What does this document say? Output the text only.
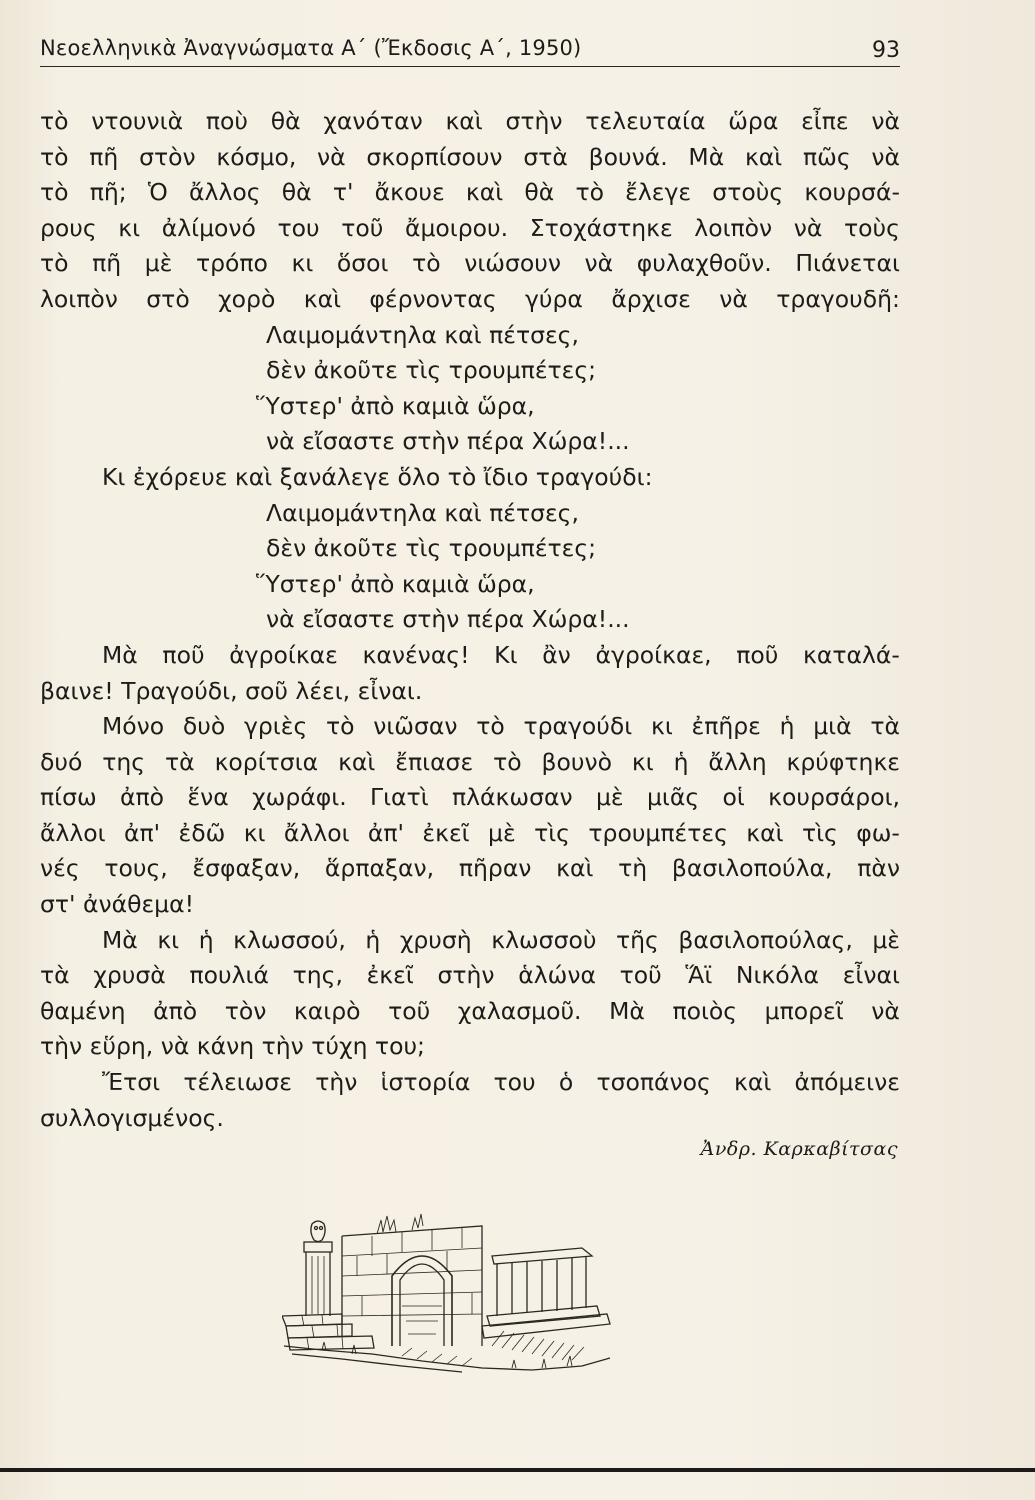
Νεοελληνικὰ Ἀναγνώσματα Α΄ (Ἔκδοσις Α΄, 1950)	93
τὸ ντουνιὰ ποὺ θὰ χανόταν καὶ στὴν τελευταία ὥρα εἶπε νὰ
τὸ πῆ στὸν κόσμο, νὰ σκορπίσουν στὰ βουνά. Μὰ καὶ πῶς νὰ
τὸ πῆ; Ὁ ἄλλος θὰ τ' ἄκουε καὶ θὰ τὸ ἔλεγε στοὺς κουρσά-
ρους κι ἀλίμονό του τοῦ ἄμοιρου. Στοχάστηκε λοιπὸν νὰ τοὺς
τὸ πῆ μὲ τρόπο κι ὅσοι τὸ νιώσουν νὰ φυλαχθοῦν. Πιάνεται
λοιπὸν στὸ χορὸ καὶ φέρνοντας γύρα ἄρχισε νὰ τραγουδῆ:
Λαιμομάντηλα καὶ πέτσες,
δὲν ἀκοῦτε τὶς τρουμπέτες;
Ὕστερ' ἀπὸ καμιὰ ὥρα,
νὰ εἴσαστε στὴν πέρα Χώρα!...
Κι ἐχόρευε καὶ ξανάλεγε ὅλο τὸ ἴδιο τραγούδι:
Λαιμομάντηλα καὶ πέτσες,
δὲν ἀκοῦτε τὶς τρουμπέτες;
Ὕστερ' ἀπὸ καμιὰ ὥρα,
νὰ εἴσαστε στὴν πέρα Χώρα!...
Μὰ ποῦ ἀγροίκαε κανένας! Κι ἂν ἀγροίκαε, ποῦ καταλά-
βαινε! Τραγούδι, σοῦ λέει, εἶναι.
Μόνο δυὸ γριὲς τὸ νιῶσαν τὸ τραγούδι κι ἐπῆρε ἡ μιὰ τὰ
δυό της τὰ κορίτσια καὶ ἔπιασε τὸ βουνὸ κι ἡ ἄλλη κρύφτηκε
πίσω ἀπὸ ἕνα χωράφι. Γιατὶ πλάκωσαν μὲ μιᾶς οἱ κουρσάροι,
ἄλλοι ἀπ' ἐδῶ κι ἄλλοι ἀπ' ἐκεῖ μὲ τὶς τρουμπέτες καὶ τὶς φω-
νές τους, ἔσφαξαν, ἅρπαξαν, πῆραν καὶ τὴ βασιλοπούλα, πὰν
στ' ἀνάθεμα!
Μὰ κι ἡ κλωσσού, ἡ χρυσὴ κλωσσοὺ τῆς βασιλοπούλας, μὲ
τὰ χρυσὰ πουλιά της, ἐκεῖ στὴν ἁλώνα τοῦ Ἅϊ Νικόλα εἶναι
θαμένη ἀπὸ τὸν καιρὸ τοῦ χαλασμοῦ. Μὰ ποιὸς μπορεῖ νὰ
τὴν εὕρη, νὰ κάνη τὴν τύχη του;
Ἔτσι τέλειωσε τὴν ἱστορία του ὁ τσοπάνος καὶ ἀπόμεινε
συλλογισμένος.
Ἀνδρ. Καρκαβίτσας
